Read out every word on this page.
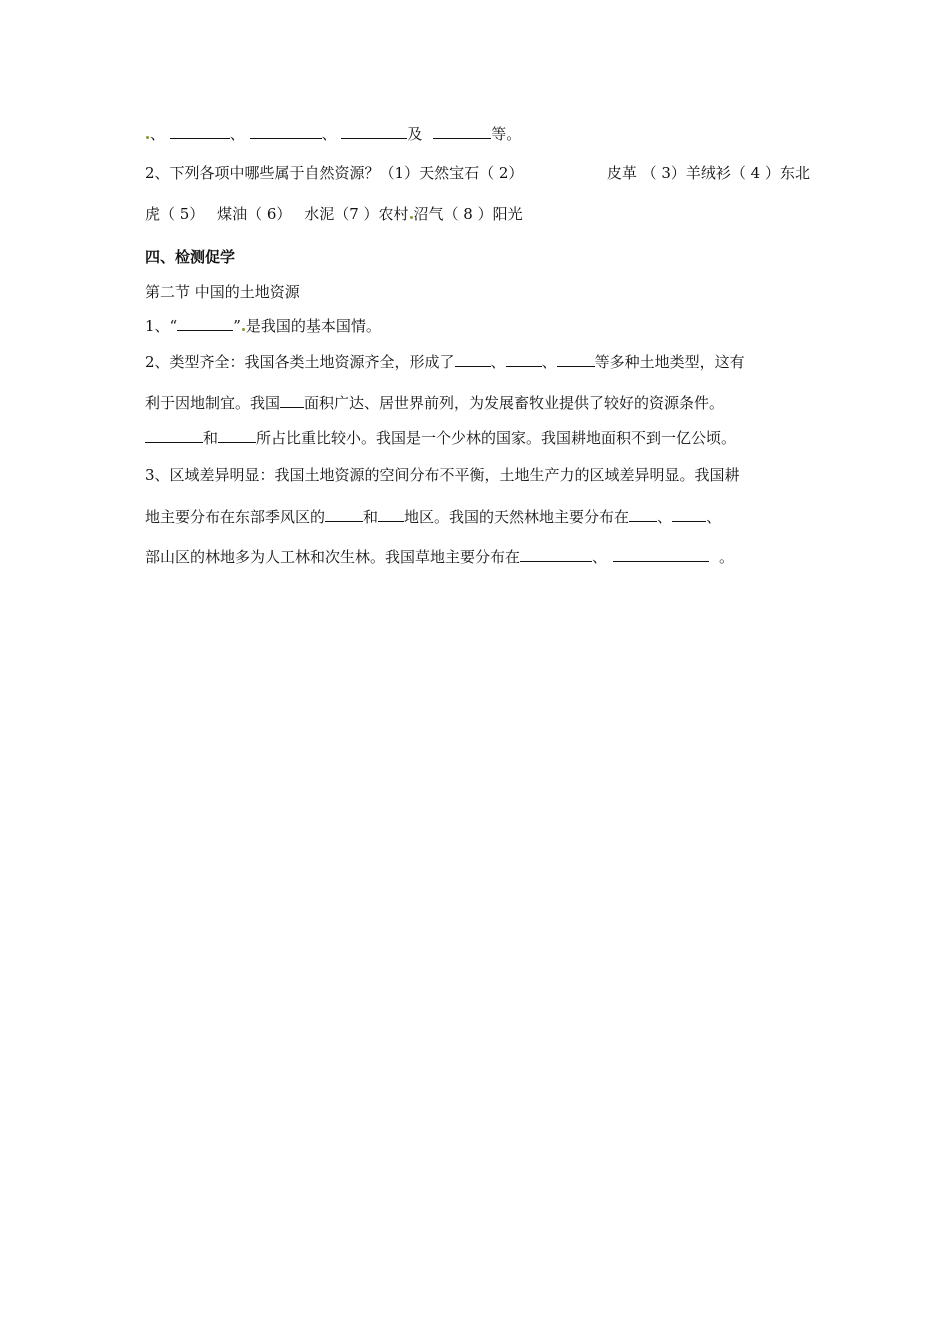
、	、	、	及	等。
2、下列各项中哪些属于自然资源？（1）天然宝石（ 2）	皮革 （ 3）羊绒衫（ 4 ）东北
虎（ 5） 煤油（ 6） 水泥（7 ）农村 沼气（ 8 ）阳光
四、检测促学
第二节 中国的土地资源
1、“	” 是我国的基本国情。
2、类型齐全：我国各类土地资源齐全，形成了 、 、	等多种土地类型，这有
利于因地制宜。我国 面积广达、居世界前列，为发展畜牧业提供了较好的资源条件。
和	所占比重比较小。我国是一个少林的国家。我国耕地面积不到一亿公顷。
3、区域差异明显：我国土地资源的空间分布不平衡，土地生产力的区域差异明显。我国耕
地主要分布在东部季风区的	和 地区。我国的天然林地主要分布在 、 、
部山区的林地多为人工林和次生林。我国草地主要分布在	、	。
